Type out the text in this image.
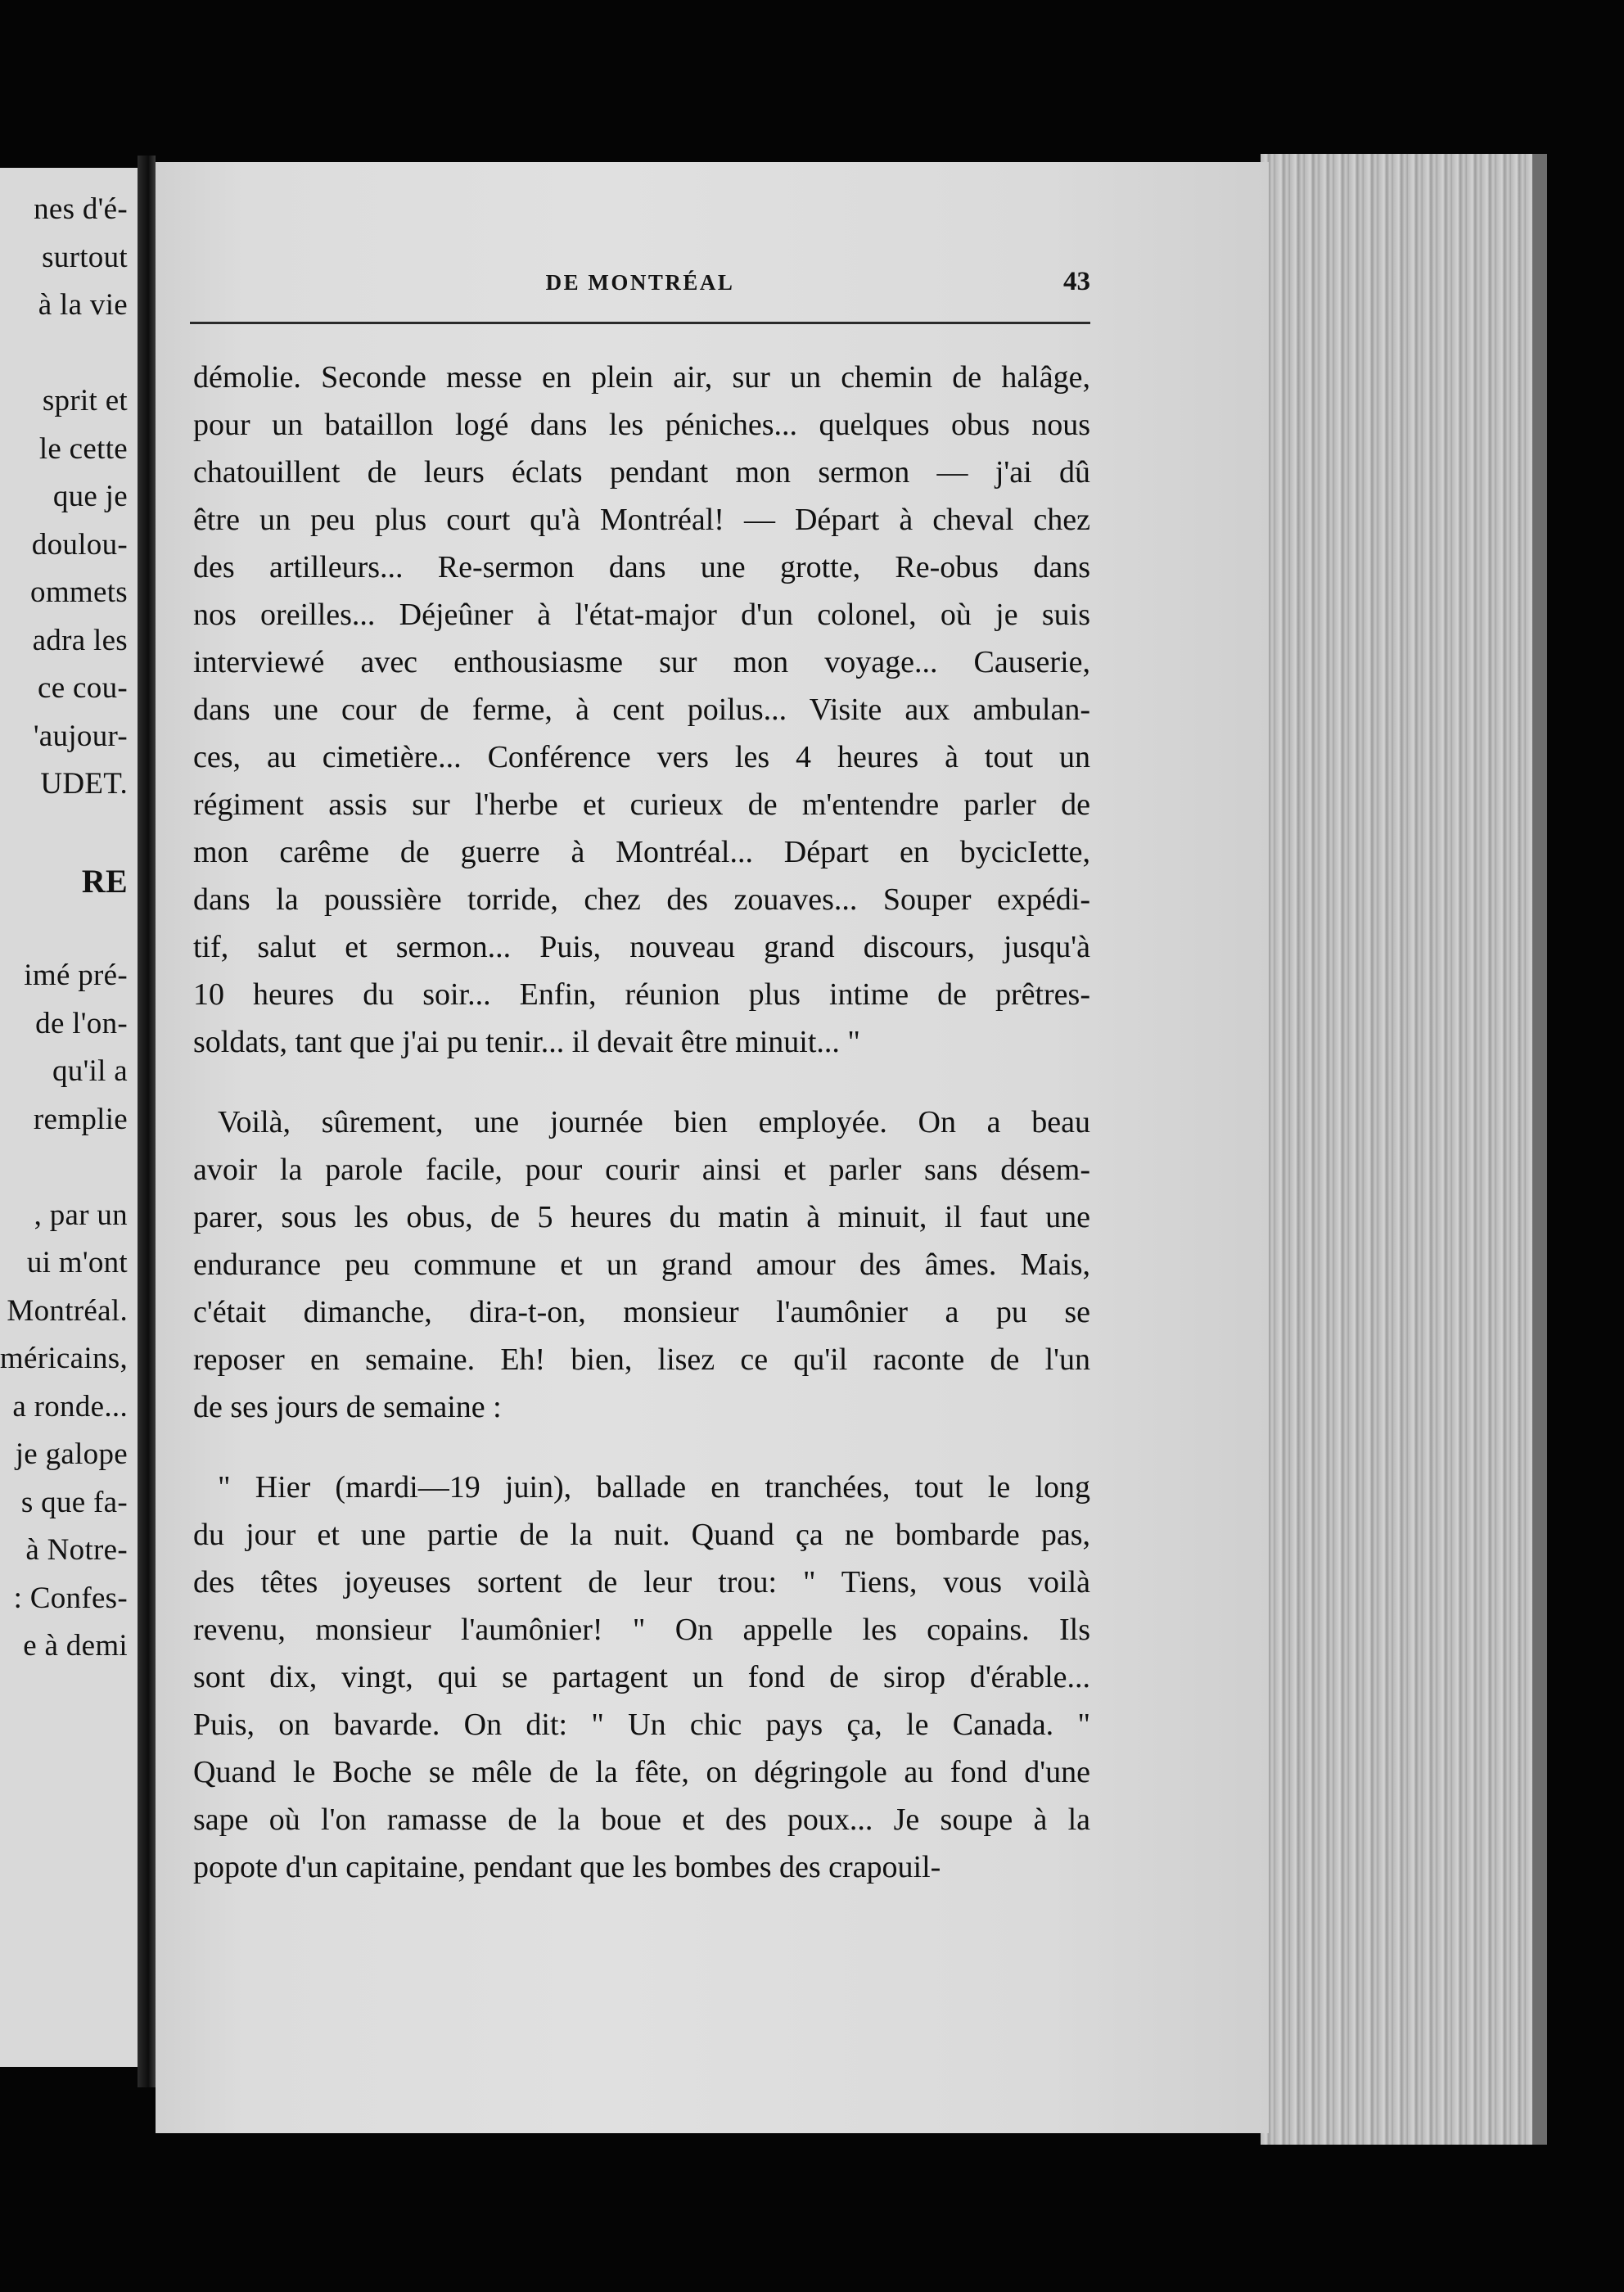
nes d'é-
surtout
à la vie
sprit et
le cette
que je
doulou-
ommets
adra les
ce cou-
'aujour-
UDET.
RE
imé pré-
de l'on-
qu'il a
remplie
, par un
ui m'ont
Montréal.
méricains,
a ronde...
je galope
s que fa-
à Notre-
: Confes-
e à demi
DE MONTRÉAL	43
démolie. Seconde messe en plein air, sur un chemin de halâge,
pour un bataillon logé dans les péniches... quelques obus nous
chatouillent de leurs éclats pendant mon sermon — j'ai dû
être un peu plus court qu'à Montréal! — Départ à cheval chez
des artilleurs... Re-sermon dans une grotte, Re-obus dans
nos oreilles... Déjeûner à l'état-major d'un colonel, où je suis
interviewé avec enthousiasme sur mon voyage... Causerie,
dans une cour de ferme, à cent poilus... Visite aux ambulan-
ces, au cimetière... Conférence vers les 4 heures à tout un
régiment assis sur l'herbe et curieux de m'entendre parler de
mon carême de guerre à Montréal... Départ en bycicIette,
dans la poussière torride, chez des zouaves... Souper expédi-
tif, salut et sermon... Puis, nouveau grand discours, jusqu'à
10 heures du soir... Enfin, réunion plus intime de prêtres-
soldats, tant que j'ai pu tenir... il devait être minuit... "
Voilà, sûrement, une journée bien employée. On a beau
avoir la parole facile, pour courir ainsi et parler sans désem-
parer, sous les obus, de 5 heures du matin à minuit, il faut une
endurance peu commune et un grand amour des âmes. Mais,
c'était dimanche, dira-t-on, monsieur l'aumônier a pu se
reposer en semaine. Eh! bien, lisez ce qu'il raconte de l'un
de ses jours de semaine :
" Hier (mardi—19 juin), ballade en tranchées, tout le long
du jour et une partie de la nuit. Quand ça ne bombarde pas,
des têtes joyeuses sortent de leur trou: " Tiens, vous voilà
revenu, monsieur l'aumônier! " On appelle les copains. Ils
sont dix, vingt, qui se partagent un fond de sirop d'érable...
Puis, on bavarde. On dit: " Un chic pays ça, le Canada. "
Quand le Boche se mêle de la fête, on dégringole au fond d'une
sape où l'on ramasse de la boue et des poux... Je soupe à la
popote d'un capitaine, pendant que les bombes des crapouil-
